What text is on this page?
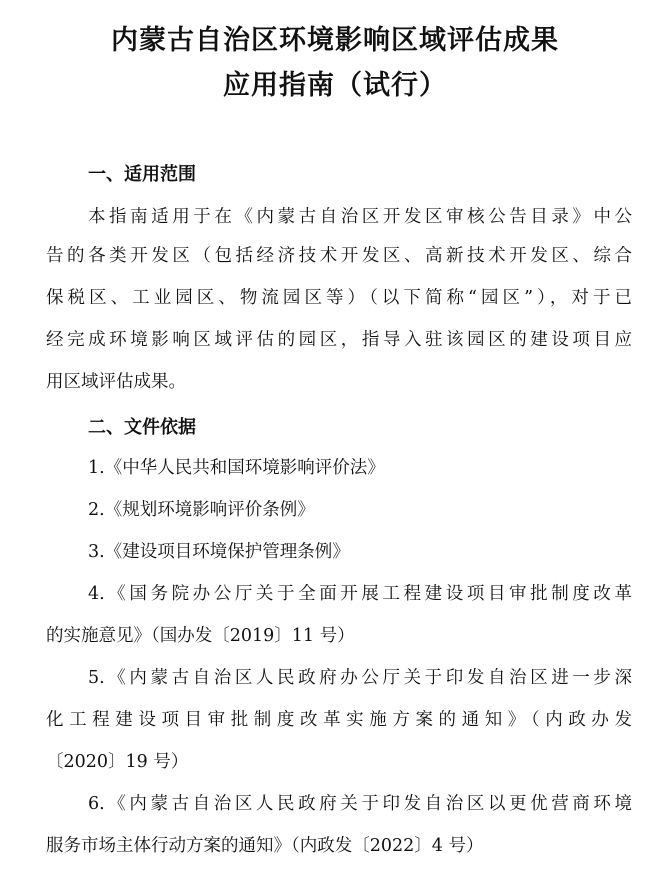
内蒙古自治区环境影响区域评估成果
应用指南（试行）
一、适用范围

本指南适用于在《内蒙古自治区开发区审核公告目录》中公

告的各类开发区（包括经济技术开发区、高新技术开发区、综合

保税区、工业园区、物流园区等）（以下简称“园区”），对于已

经完成环境影响区域评估的园区，指导入驻该园区的建设项目应

用区域评估成果。

二、文件依据

1.《中华人民共和国环境影响评价法》

2.《规划环境影响评价条例》

3.《建设项目环境保护管理条例》

4.《国务院办公厅关于全面开展工程建设项目审批制度改革

的实施意见》（国办发〔2019〕11 号）

5.《内蒙古自治区人民政府办公厅关于印发自治区进一步深

化工程建设项目审批制度改革实施方案的通知》（内政办发

〔2020〕19 号）

6.《内蒙古自治区人民政府关于印发自治区以更优营商环境

服务市场主体行动方案的通知》（内政发〔2022〕4 号）
